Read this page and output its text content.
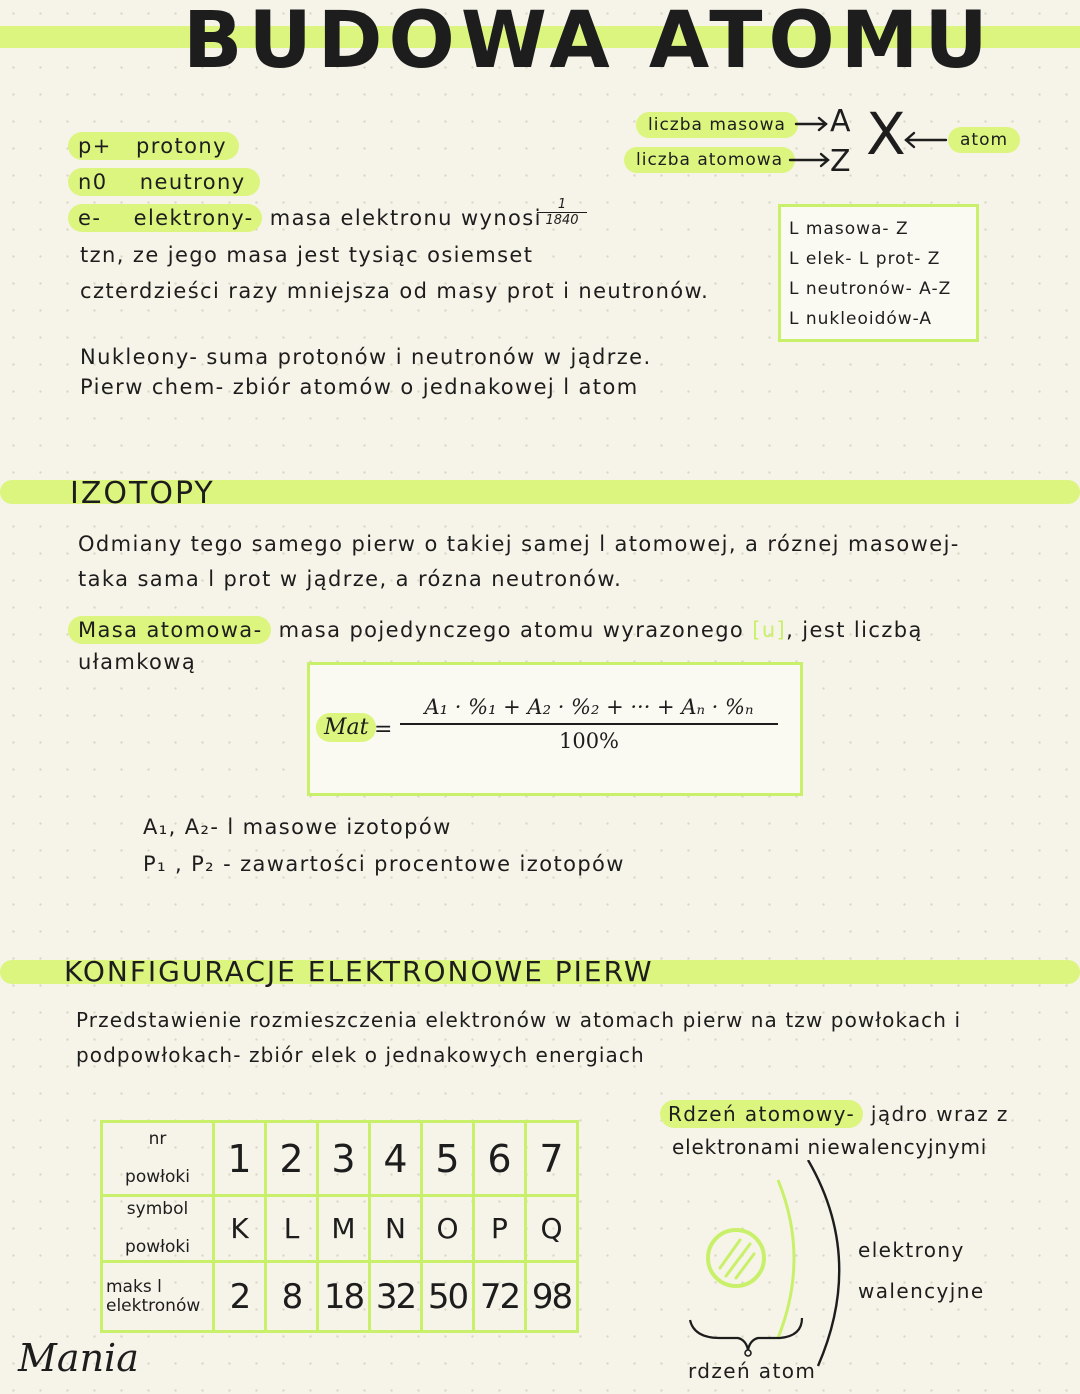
BUDOWA ATOMU
p+ protony
n0 neutrony
e- elektrony- masa elektronu wynosi
$\frac{1}{1840}$
tzn, ze jego masa jest tysiąc osiemset
czterdzieści razy mniejsza od masy prot i neutronów.
Nukleony- suma protonów i neutronów w jądrze.
Pierw chem- zbiór atomów o jednakowej l atom
liczba masowa
liczba atomowa
A
Z X	atom
L masowa- Z
L elek- L prot- Z
L neutronów- A-Z
L nukleoidów-A
IZOTOPY
Odmiany tego samego pierw o takiej samej l atomowej, a róznej masowej-
taka sama l prot w jądrze, a rózna neutronów.
Masa atomowa- masa pojedynczego atomu wyrazonego [u], jest liczbą
ułamkową
Mat = $\frac{\text{A₁ · \%₁ + A₂ · \%₂ + ··· + Aₙ · \%ₙ}}{100\%}$
A₁, A₂- l masowe izotopów
P₁ , P₂ - zawartości procentowe izotopów
KONFIGURACJE ELEKTRONOWE PIERW
Przedstawienie rozmieszczenia elektronów w atomach pierw na tzw powłokach i
podpowłokach- zbiór elek o jednakowych energiach
nr

powłoki	1	2	3	4	5	6	7
symbol

powłoki	K	L	M	N	O	P	Q
maks l
elektronów	2	8	18	32	50	72	98
Rdzeń atomowy- jądro wraz z
elektronami niewalencyjnymi
elektrony
walencyjne
rdzeń atom
Mania
